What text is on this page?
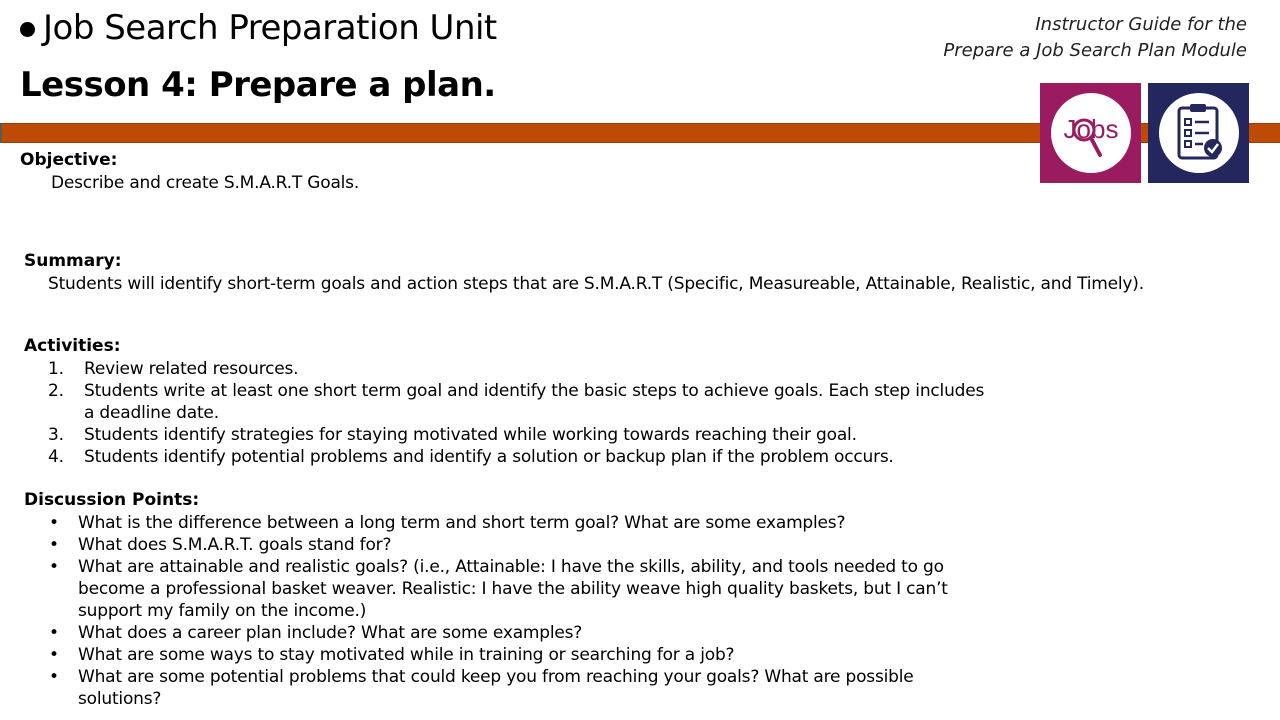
Job Search Preparation Unit
Lesson 4: Prepare a plan.
Instructor Guide for the
Prepare a Job Search Plan Module
Jobs
Objective:
Describe and create S.M.A.R.T Goals.
Summary:
Students will identify short-term goals and action steps that are S.M.A.R.T (Specific, Measureable, Attainable, Realistic, and Timely).
Activities:
1. Review related resources.
2. Students write at least one short term goal and identify the basic steps to achieve goals. Each step includes
a deadline date.
3. Students identify strategies for staying motivated while working towards reaching their goal.
4. Students identify potential problems and identify a solution or backup plan if the problem occurs.
Discussion Points:
• What is the difference between a long term and short term goal? What are some examples?
• What does S.M.A.R.T. goals stand for?
• What are attainable and realistic goals? (i.e., Attainable: I have the skills, ability, and tools needed to go
become a professional basket weaver. Realistic: I have the ability weave high quality baskets, but I can’t
support my family on the income.)
• What does a career plan include? What are some examples?
• What are some ways to stay motivated while in training or searching for a job?
• What are some potential problems that could keep you from reaching your goals? What are possible
solutions?
